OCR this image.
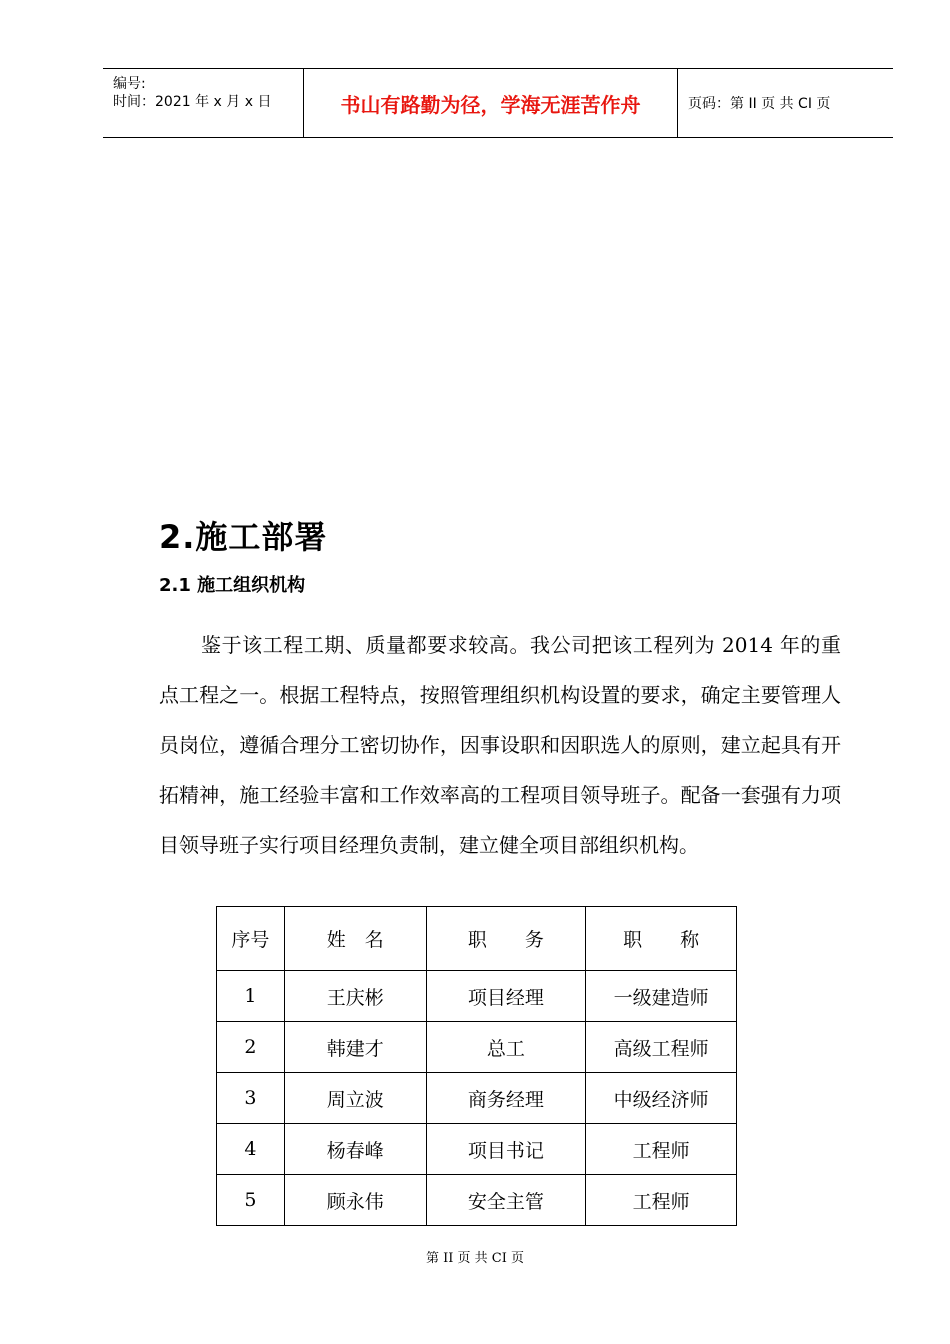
编号:
时间：2021 年 x 月 x 日	书山有路勤为径，学海无涯苦作舟	页码：第 II 页 共 CI 页
2.施工部署
2.1 施工组织机构

鉴于该工程工期、质量都要求较高。我公司把该工程列为 2014 年的重点工程之一。根据工程特点，按照管理组织机构设置的要求，确定主要管理人员岗位，遵循合理分工密切协作，因事设职和因职选人的原则，建立起具有开拓精神，施工经验丰富和工作效率高的工程项目领导班子。配备一套强有力项目领导班子实行项目经理负责制，建立健全项目部组织机构。

序号	姓　名	职　　务	职　　称
1	王庆彬	项目经理	一级建造师
2	韩建才	总工	高级工程师
3	周立波	商务经理	中级经济师
4	杨春峰	项目书记	工程师
5	顾永伟	安全主管	工程师
第 II 页 共 CI 页
